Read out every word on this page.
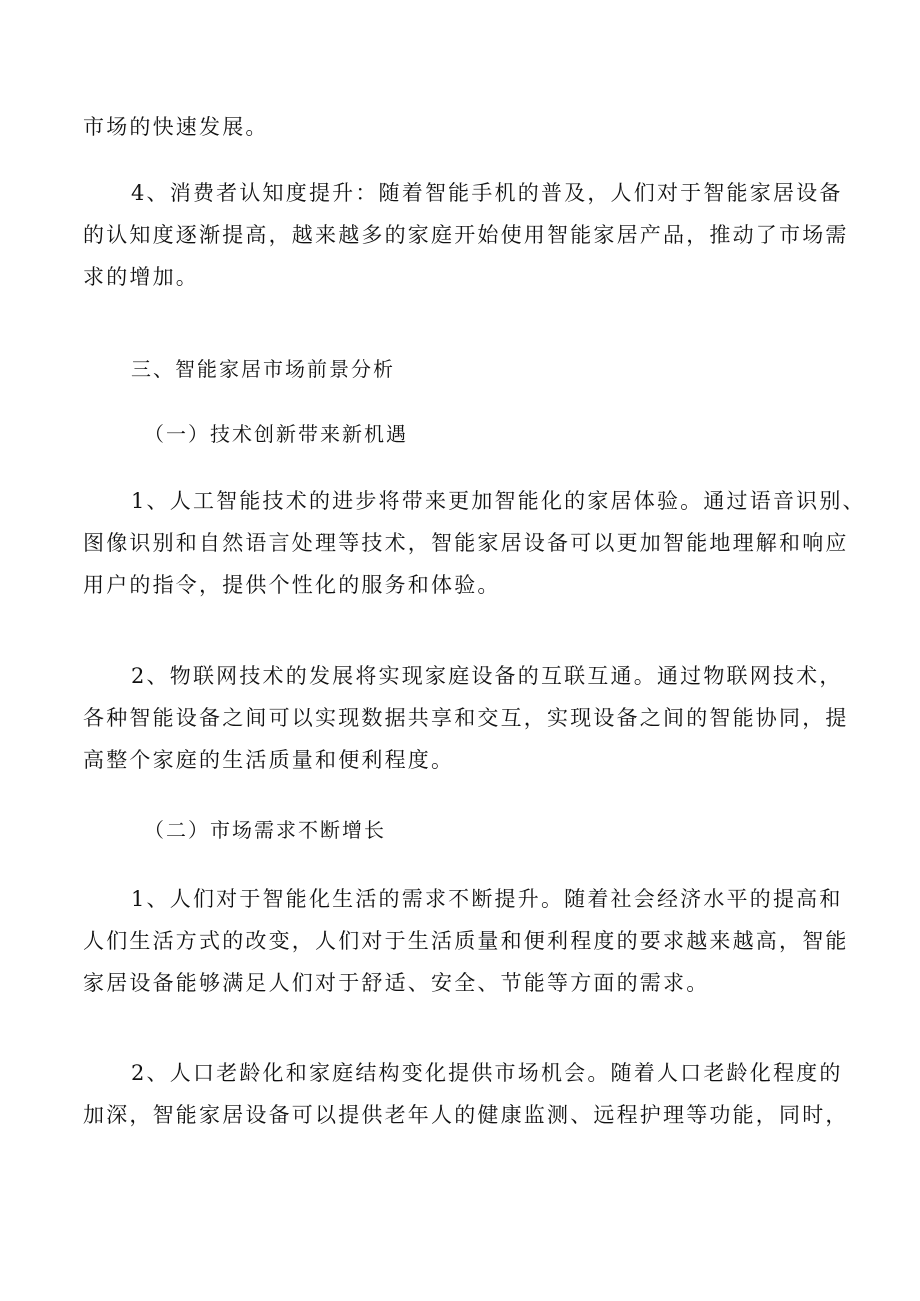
市场的快速发展。

4、消费者认知度提升：随着智能手机的普及，人们对于智能家居设备
的认知度逐渐提高，越来越多的家庭开始使用智能家居产品，推动了市场需
求的增加。

三、智能家居市场前景分析
（一）技术创新带来新机遇

1、人工智能技术的进步将带来更加智能化的家居体验。通过语音识别、
图像识别和自然语言处理等技术，智能家居设备可以更加智能地理解和响应
用户的指令，提供个性化的服务和体验。

2、物联网技术的发展将实现家庭设备的互联互通。通过物联网技术，
各种智能设备之间可以实现数据共享和交互，实现设备之间的智能协同，提
高整个家庭的生活质量和便利程度。

（二）市场需求不断增长

1、人们对于智能化生活的需求不断提升。随着社会经济水平的提高和
人们生活方式的改变，人们对于生活质量和便利程度的要求越来越高，智能
家居设备能够满足人们对于舒适、安全、节能等方面的需求。

2、人口老龄化和家庭结构变化提供市场机会。随着人口老龄化程度的
加深，智能家居设备可以提供老年人的健康监测、远程护理等功能，同时，
